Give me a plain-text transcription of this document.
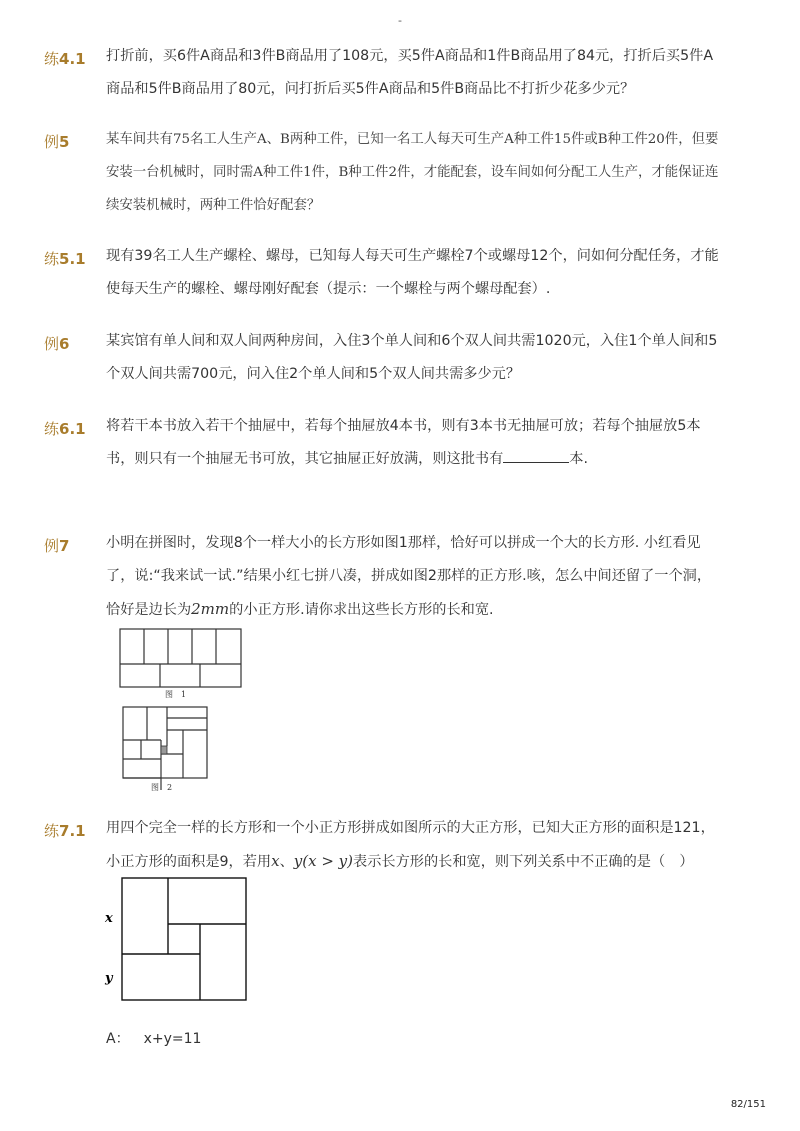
-
练4.1 打折前，买6件A商品和3件B商品用了108元，买5件A商品和1件B商品用了84元，打折后买5件A商品和5件B商品用了80元，问打折后买5件A商品和5件B商品比不打折少花多少元？
例5	某车间共有75名工人生产A、B两种工件，已知一名工人每天可生产A种工件15件或B种工件20件，但要安装一台机械时，同时需A种工件1件，B种工件2件，才能配套，设车间如何分配工人生产，才能保证连续安装机械时，两种工件恰好配套？
练5.1 现有39名工人生产螺栓、螺母，已知每人每天可生产螺栓7个或螺母12个，问如何分配任务，才能使每天生产的螺栓、螺母刚好配套（提示：一个螺栓与两个螺母配套）.
例6	某宾馆有单人间和双人间两种房间，入住3个单人间和6个双人间共需1020元，入住1个单人间和5个双人间共需700元，问入住2个单人间和5个双人间共需多少元？
练6.1 将若干本书放入若干个抽屉中，若每个抽屉放4本书，则有3本书无抽屉可放；若每个抽屉放5本书，则只有一个抽屉无书可放，其它抽屉正好放满，则这批书有	本.
例7	小明在拼图时，发现8个一样大小的长方形如图1那样，恰好可以拼成一个大的长方形. 小红看见了，说:“我来试一试.”结果小红七拼八凑，拼成如图2那样的正方形.咳，怎么中间还留了一个洞，恰好是边长为2mm的小正方形.请你求出这些长方形的长和宽.
图　1
图　2
练7.1 用四个完全一样的长方形和一个小正方形拼成如图所示的大正方形，已知大正方形的面积是121，小正方形的面积是9，若用x、y(x > y)表示长方形的长和宽，则下列关系中不正确的是（　）
x
y
A： x+y=11
82/151
